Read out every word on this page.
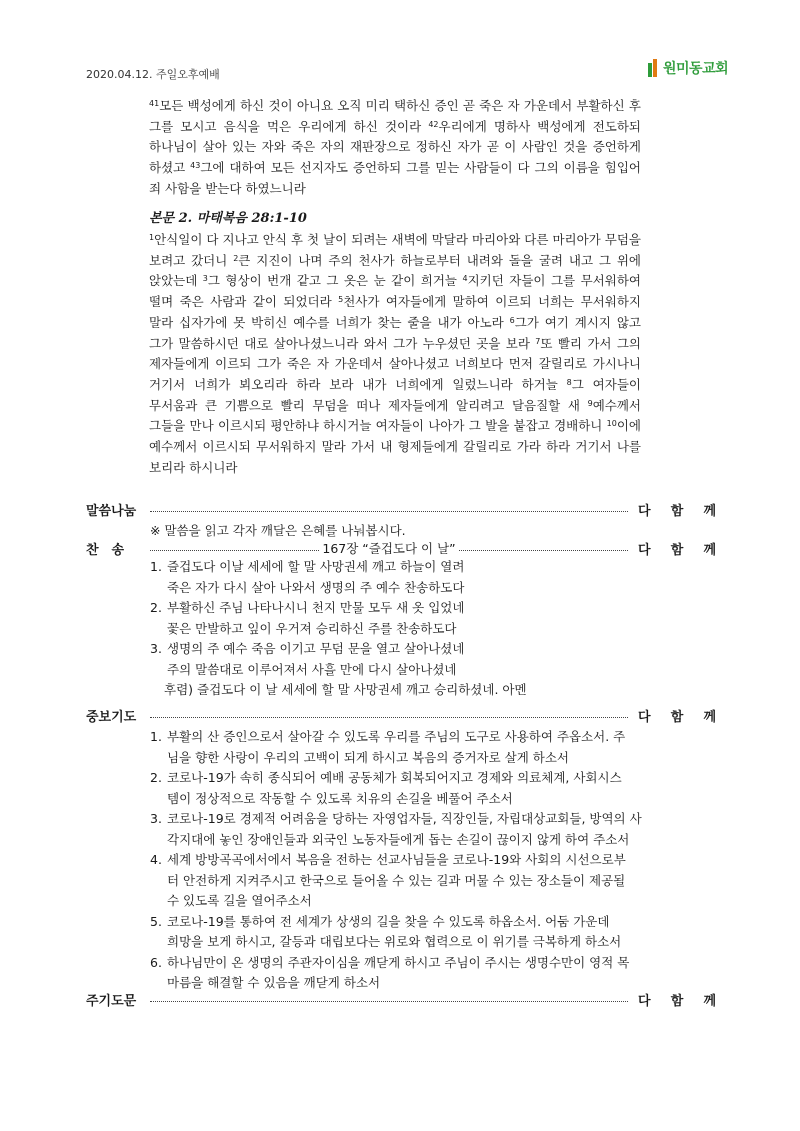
2020.04.12. 주일오후예배	원미동교회
$^{41}$모든 백성에게 하신 것이 아니요 오직 미리 택하신 증인 곧 죽은 자 가운데서 부활하신 후 그를 모시고 음식을 먹은 우리에게 하신 것이라 $^{42}$우리에게 명하사 백성에게 전도하되 하나님이 살아 있는 자와 죽은 자의 재판장으로 정하신 자가 곧 이 사람인 것을 증언하게 하셨고 $^{43}$그에 대하여 모든 선지자도 증언하되 그를 믿는 사람들이 다 그의 이름을 힘입어 죄 사함을 받는다 하였느니라
본문 2. 마태복음 28:1-10
$^1$안식일이 다 지나고 안식 후 첫 날이 되려는 새벽에 막달라 마리아와 다른 마리아가 무덤을 보려고 갔더니 $^2$큰 지진이 나며 주의 천사가 하늘로부터 내려와 돌을 굴려 내고 그 위에 앉았는데 $^3$그 형상이 번개 같고 그 옷은 눈 같이 희거늘 $^4$지키던 자들이 그를 무서워하여 떨며 죽은 사람과 같이 되었더라 $^5$천사가 여자들에게 말하여 이르되 너희는 무서워하지 말라 십자가에 못 박히신 예수를 너희가 찾는 줄을 내가 아노라 $^6$그가 여기 계시지 않고 그가 말씀하시던 대로 살아나셨느니라 와서 그가 누우셨던 곳을 보라 $^7$또 빨리 가서 그의 제자들에게 이르되 그가 죽은 자 가운데서 살아나셨고 너희보다 먼저 갈릴리로 가시나니 거기서 너희가 뵈오리라 하라 보라 내가 너희에게 일렀느니라 하거늘 $^8$그 여자들이 무서움과 큰 기쁨으로 빨리 무덤을 떠나 제자들에게 알리려고 달음질할 새 $^9$예수께서 그들을 만나 이르시되 평안하냐 하시거늘 여자들이 나아가 그 발을 붙잡고 경배하니 $^{10}$이에 예수께서 이르시되 무서워하지 말라 가서 내 형제들에게 갈릴리로 가라 하라 거기서 나를 보리라 하시니라
말씀나눔	다 함 께
※ 말씀을 읽고 각자 깨달은 은혜를 나눠봅시다.
찬　송	167장 “즐겁도다 이 날”	다 함 께
1. 즐겁도다 이날 세세에 할 말 사망권세 깨고 하늘이 열려
죽은 자가 다시 살아 나와서 생명의 주 예수 찬송하도다
2. 부활하신 주님 나타나시니 천지 만물 모두 새 옷 입었네
꽃은 만발하고 잎이 우거져 승리하신 주를 찬송하도다
3. 생명의 주 예수 죽음 이기고 무덤 문을 열고 살아나셨네
주의 말씀대로 이루어져서 사흘 만에 다시 살아나셨네
후렴) 즐겁도다 이 날 세세에 할 말 사망권세 깨고 승리하셨네. 아멘
중보기도	다 함 께
1. 부활의 산 증인으로서 살아갈 수 있도록 우리를 주님의 도구로 사용하여 주옵소서. 주
님을 향한 사랑이 우리의 고백이 되게 하시고 복음의 증거자로 살게 하소서
2. 코로나-19가 속히 종식되어 예배 공동체가 회복되어지고 경제와 의료체계, 사회시스
템이 정상적으로 작동할 수 있도록 치유의 손길을 베풀어 주소서
3. 코로나-19로 경제적 어려움을 당하는 자영업자들, 직장인들, 자립대상교회들, 방역의 사
각지대에 놓인 장애인들과 외국인 노동자들에게 돕는 손길이 끊이지 않게 하여 주소서
4. 세계 방방곡곡에서에서 복음을 전하는 선교사님들을 코로나-19와 사회의 시선으로부
터 안전하게 지켜주시고 한국으로 들어올 수 있는 길과 머물 수 있는 장소들이 제공될
수 있도록 길을 열어주소서
5. 코로나-19를 통하여 전 세계가 상생의 길을 찾을 수 있도록 하옵소서. 어둠 가운데
희망을 보게 하시고, 갈등과 대립보다는 위로와 협력으로 이 위기를 극복하게 하소서
6. 하나님만이 온 생명의 주관자이심을 깨닫게 하시고 주님이 주시는 생명수만이 영적 목
마름을 해결할 수 있음을 깨닫게 하소서
주기도문	다 함 께
